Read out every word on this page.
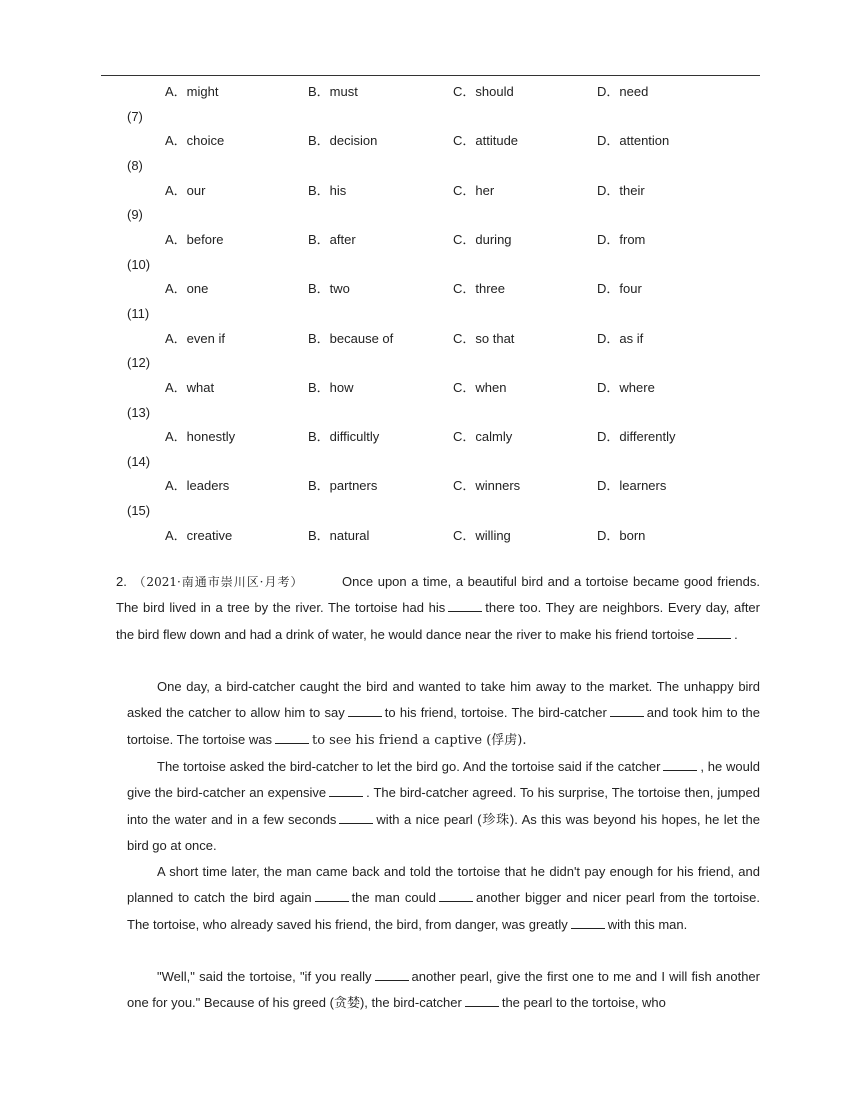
A．might	B．must	C．should	D．need
(7)
A．choice	B．decision	C．attitude	D．attention
(8)
A．our	B．his	C．her	D．their
(9)
A．before	B．after	C．during	D．from
(10)
A．one	B．two	C．three	D．four
(11)
A．even if	B．because of	C．so that	D．as if
(12)
A．what	B．how	C．when	D．where
(13)
A．honestly	B．difficultly	C．calmly	D．differently
(14)
A．leaders	B．partners	C．winners	D．learners
(15)
A．creative	B．natural	C．willing	D．born
2. （2021·南通市崇川区·月考）	Once upon a time, a beautiful bird and a tortoise became good friends. The bird lived in a tree by the river. The tortoise had his	there too. They are neighbors. Every day, after the bird flew down and had a drink of water, he would dance near the river to make his friend tortoise	.
One day, a bird-catcher caught the bird and wanted to take him away to the market. The unhappy bird asked the catcher to allow him to say	to his friend, tortoise. The bird-catcher	and took him to the tortoise. The tortoise was	to see his friend a captive (俘虏).
The tortoise asked the bird-catcher to let the bird go. And the tortoise said if the catcher	, he would give the bird-catcher an expensive	. The bird-catcher agreed. To his surprise, The tortoise then, jumped into the water and in a few seconds	with a nice pearl (珍珠). As this was beyond his hopes, he let the bird go at once.
A short time later, the man came back and told the tortoise that he didn't pay enough for his friend, and planned to catch the bird again	the man could	another bigger and nicer pearl from the tortoise. The tortoise, who already saved his friend, the bird, from danger, was greatly	with this man.
"Well," said the tortoise, "if you really	another pearl, give the first one to me and I will fish another one for you." Because of his greed (贪婪), the bird-catcher	the pearl to the tortoise, who
